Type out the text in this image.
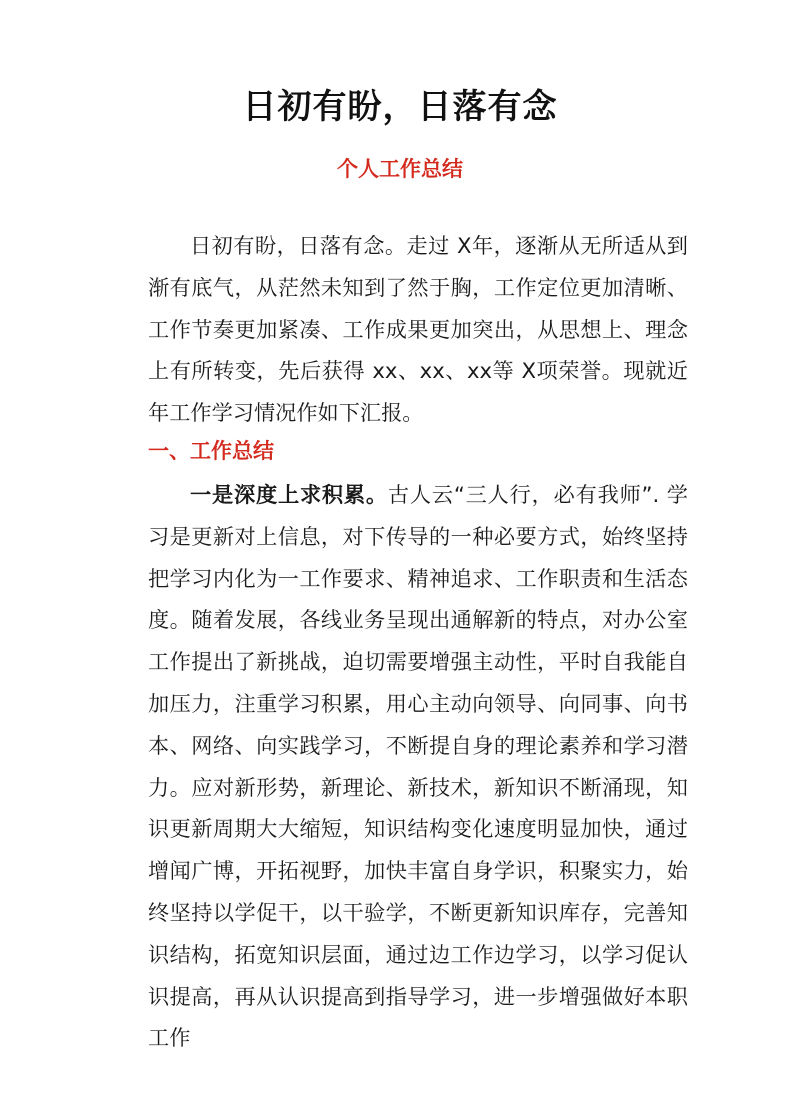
日初有盼，日落有念
个人工作总结

日初有盼，日落有念。走过 X年，逐渐从无所适从到渐有底气，从茫然未知到了然于胸，工作定位更加清晰、工作节奏更加紧凑、工作成果更加突出，从思想上、理念上有所转变，先后获得 xx、xx、xx等 X项荣誉。现就近年工作学习情况作如下汇报。

一、工作总结

一是深度上求积累。古人云“三人行，必有我师”. 学习是更新对上信息，对下传导的一种必要方式，始终坚持把学习内化为一工作要求、精神追求、工作职责和生活态度。随着发展，各线业务呈现出通解新的特点，对办公室工作提出了新挑战，迫切需要增强主动性，平时自我能自加压力，注重学习积累，用心主动向领导、向同事、向书本、网络、向实践学习，不断提自身的理论素养和学习潜力。应对新形势，新理论、新技术，新知识不断涌现，知识更新周期大大缩短，知识结构变化速度明显加快，通过增闻广博，开拓视野，加快丰富自身学识，积聚实力，始终坚持以学促干，以干验学，不断更新知识库存，完善知识结构，拓宽知识层面，通过边工作边学习，以学习促认识提高，再从认识提高到指导学习，进一步增强做好本职工作
